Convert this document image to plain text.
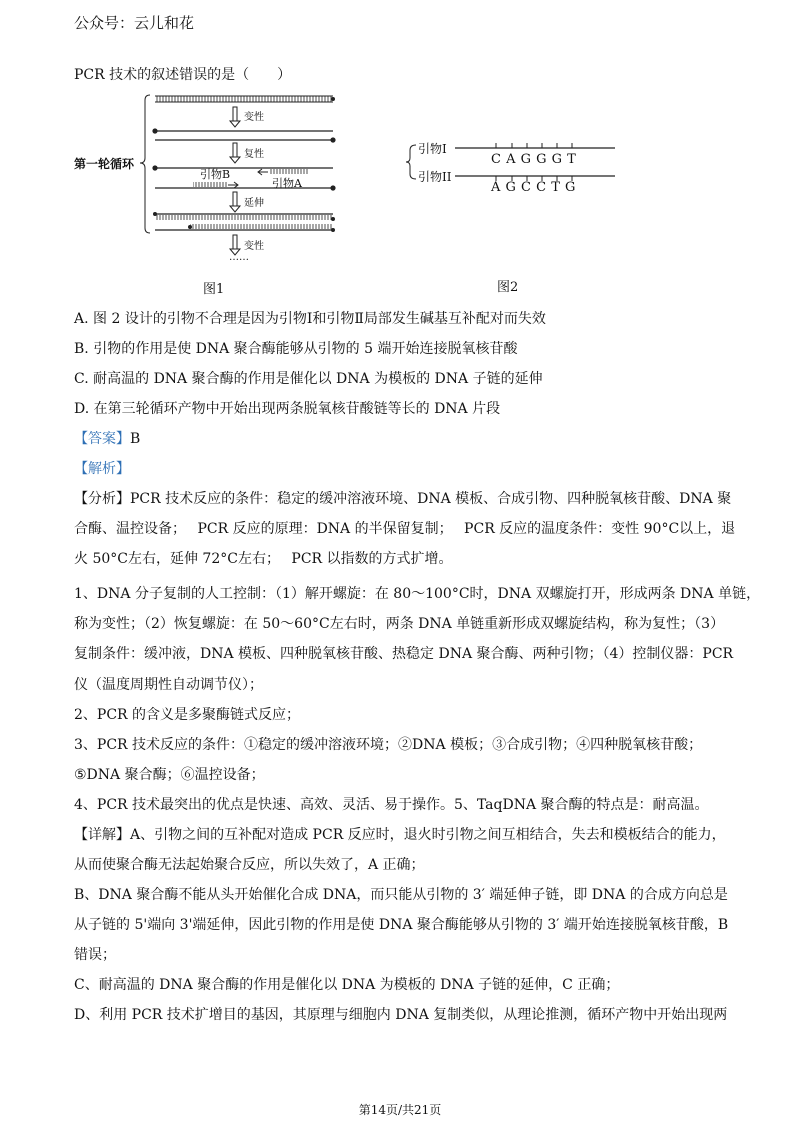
公众号：云儿和花
PCR 技术的叙述错误的是（　　）
第一轮循环
变性
复性
延伸
变性
引物B
引物A
……
图1
引物I
引物II
C A G G G T
A G C C T G
图2
A. 图 2 设计的引物不合理是因为引物Ⅰ和引物Ⅱ局部发生碱基互补配对而失效
B. 引物的作用是使 DNA 聚合酶能够从引物的 5 端开始连接脱氧核苷酸
C. 耐高温的 DNA 聚合酶的作用是催化以 DNA 为模板的 DNA 子链的延伸
D. 在第三轮循环产物中开始出现两条脱氧核苷酸链等长的 DNA 片段
【答案】B
【解析】
【分析】PCR 技术反应的条件：稳定的缓冲溶液环境、DNA 模板、合成引物、四种脱氧核苷酸、DNA 聚
合酶、温控设备；　 PCR 反应的原理：DNA 的半保留复制；　 PCR 反应的温度条件：变性 90°C以上，退
火 50°C左右，延伸 72°C左右；　 PCR 以指数的方式扩增。
1、DNA 分子复制的人工控制：（1）解开螺旋：在 80～100°C时，DNA 双螺旋打开，形成两条 DNA 单链，
称为变性；（2）恢复螺旋：在 50～60°C左右时，两条 DNA 单链重新形成双螺旋结构，称为复性；（3）
复制条件：缓冲液，DNA 模板、四种脱氧核苷酸、热稳定 DNA 聚合酶、两种引物；（4）控制仪器：PCR
仪（温度周期性自动调节仪）；
2、PCR 的含义是多聚酶链式反应；
3、PCR 技术反应的条件：①稳定的缓冲溶液环境；②DNA 模板；③合成引物；④四种脱氧核苷酸；
⑤DNA 聚合酶；⑥温控设备；
4、PCR 技术最突出的优点是快速、高效、灵活、易于操作。5、TaqDNA 聚合酶的特点是：耐高温。
【详解】A、引物之间的互补配对造成 PCR 反应时，退火时引物之间互相结合，失去和模板结合的能力，
从而使聚合酶无法起始聚合反应，所以失效了，A 正确；
B、DNA 聚合酶不能从头开始催化合成 DNA，而只能从引物的 3′ 端延伸子链，即 DNA 的合成方向总是
从子链的 5'端向 3'端延伸，因此引物的作用是使 DNA 聚合酶能够从引物的 3′ 端开始连接脱氧核苷酸，B
错误；
C、耐高温的 DNA 聚合酶的作用是催化以 DNA 为模板的 DNA 子链的延伸，C 正确；
D、利用 PCR 技术扩增目的基因，其原理与细胞内 DNA 复制类似，从理论推测，循环产物中开始出现两
第14页/共21页
